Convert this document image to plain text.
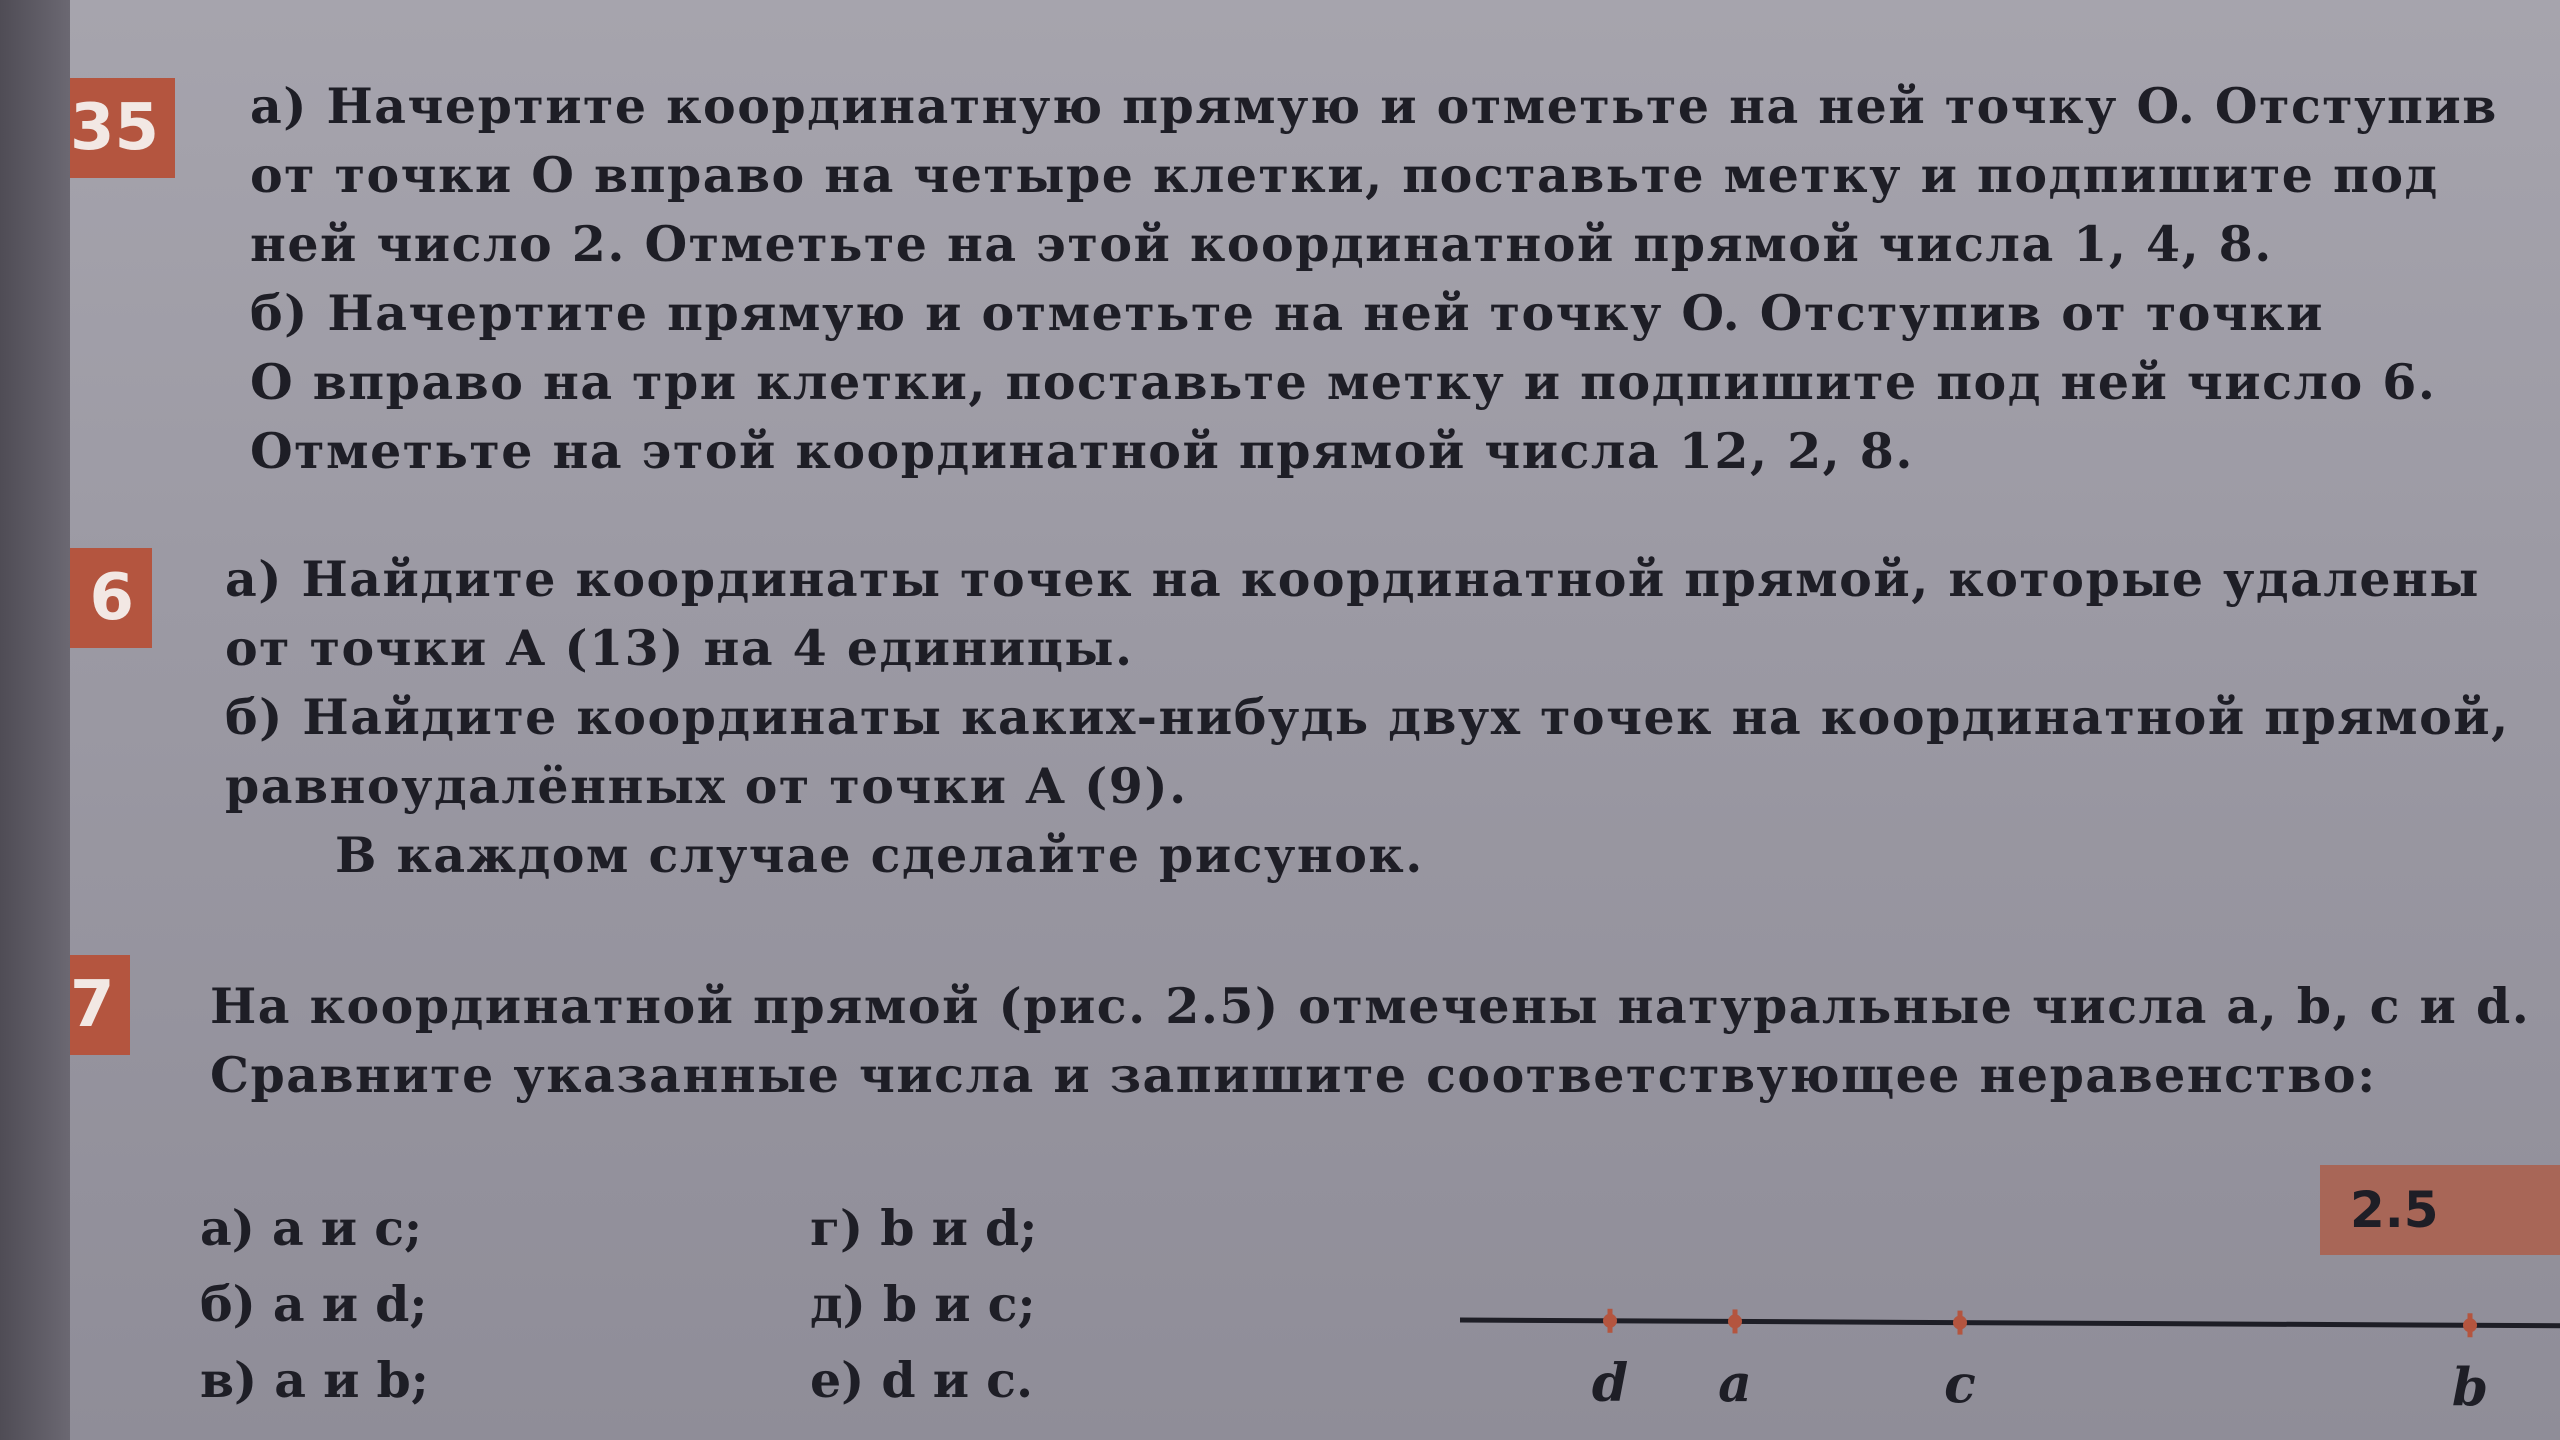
35	а) Начертите координатную прямую и отметьте на ней точку O. Отступив
от точки O вправо на четыре клетки, поставьте метку и подпишите под
ней число 2. Отметьте на этой координатной прямой числа 1, 4, 8.
б) Начертите прямую и отметьте на ней точку O. Отступив от точки
O вправо на три клетки, поставьте метку и подпишите под ней число 6.
Отметьте на этой координатной прямой числа 12, 2, 8.
6	а) Найдите координаты точек на координатной прямой, которые удалены
от точки A (13) на 4 единицы.
б) Найдите координаты каких-нибудь двух точек на координатной прямой,
равноудалённых от точки A (9).
В каждом случае сделайте рисунок.
7	На координатной прямой (рис. 2.5) отмечены натуральные числа a, b, c и d.
Сравните указанные числа и запишите соответствующее неравенство:
а) a и c;
б) a и d;
в) a и b;
г) b и d;
д) b и c;
е) d и c.
2.5
d a	c	b
